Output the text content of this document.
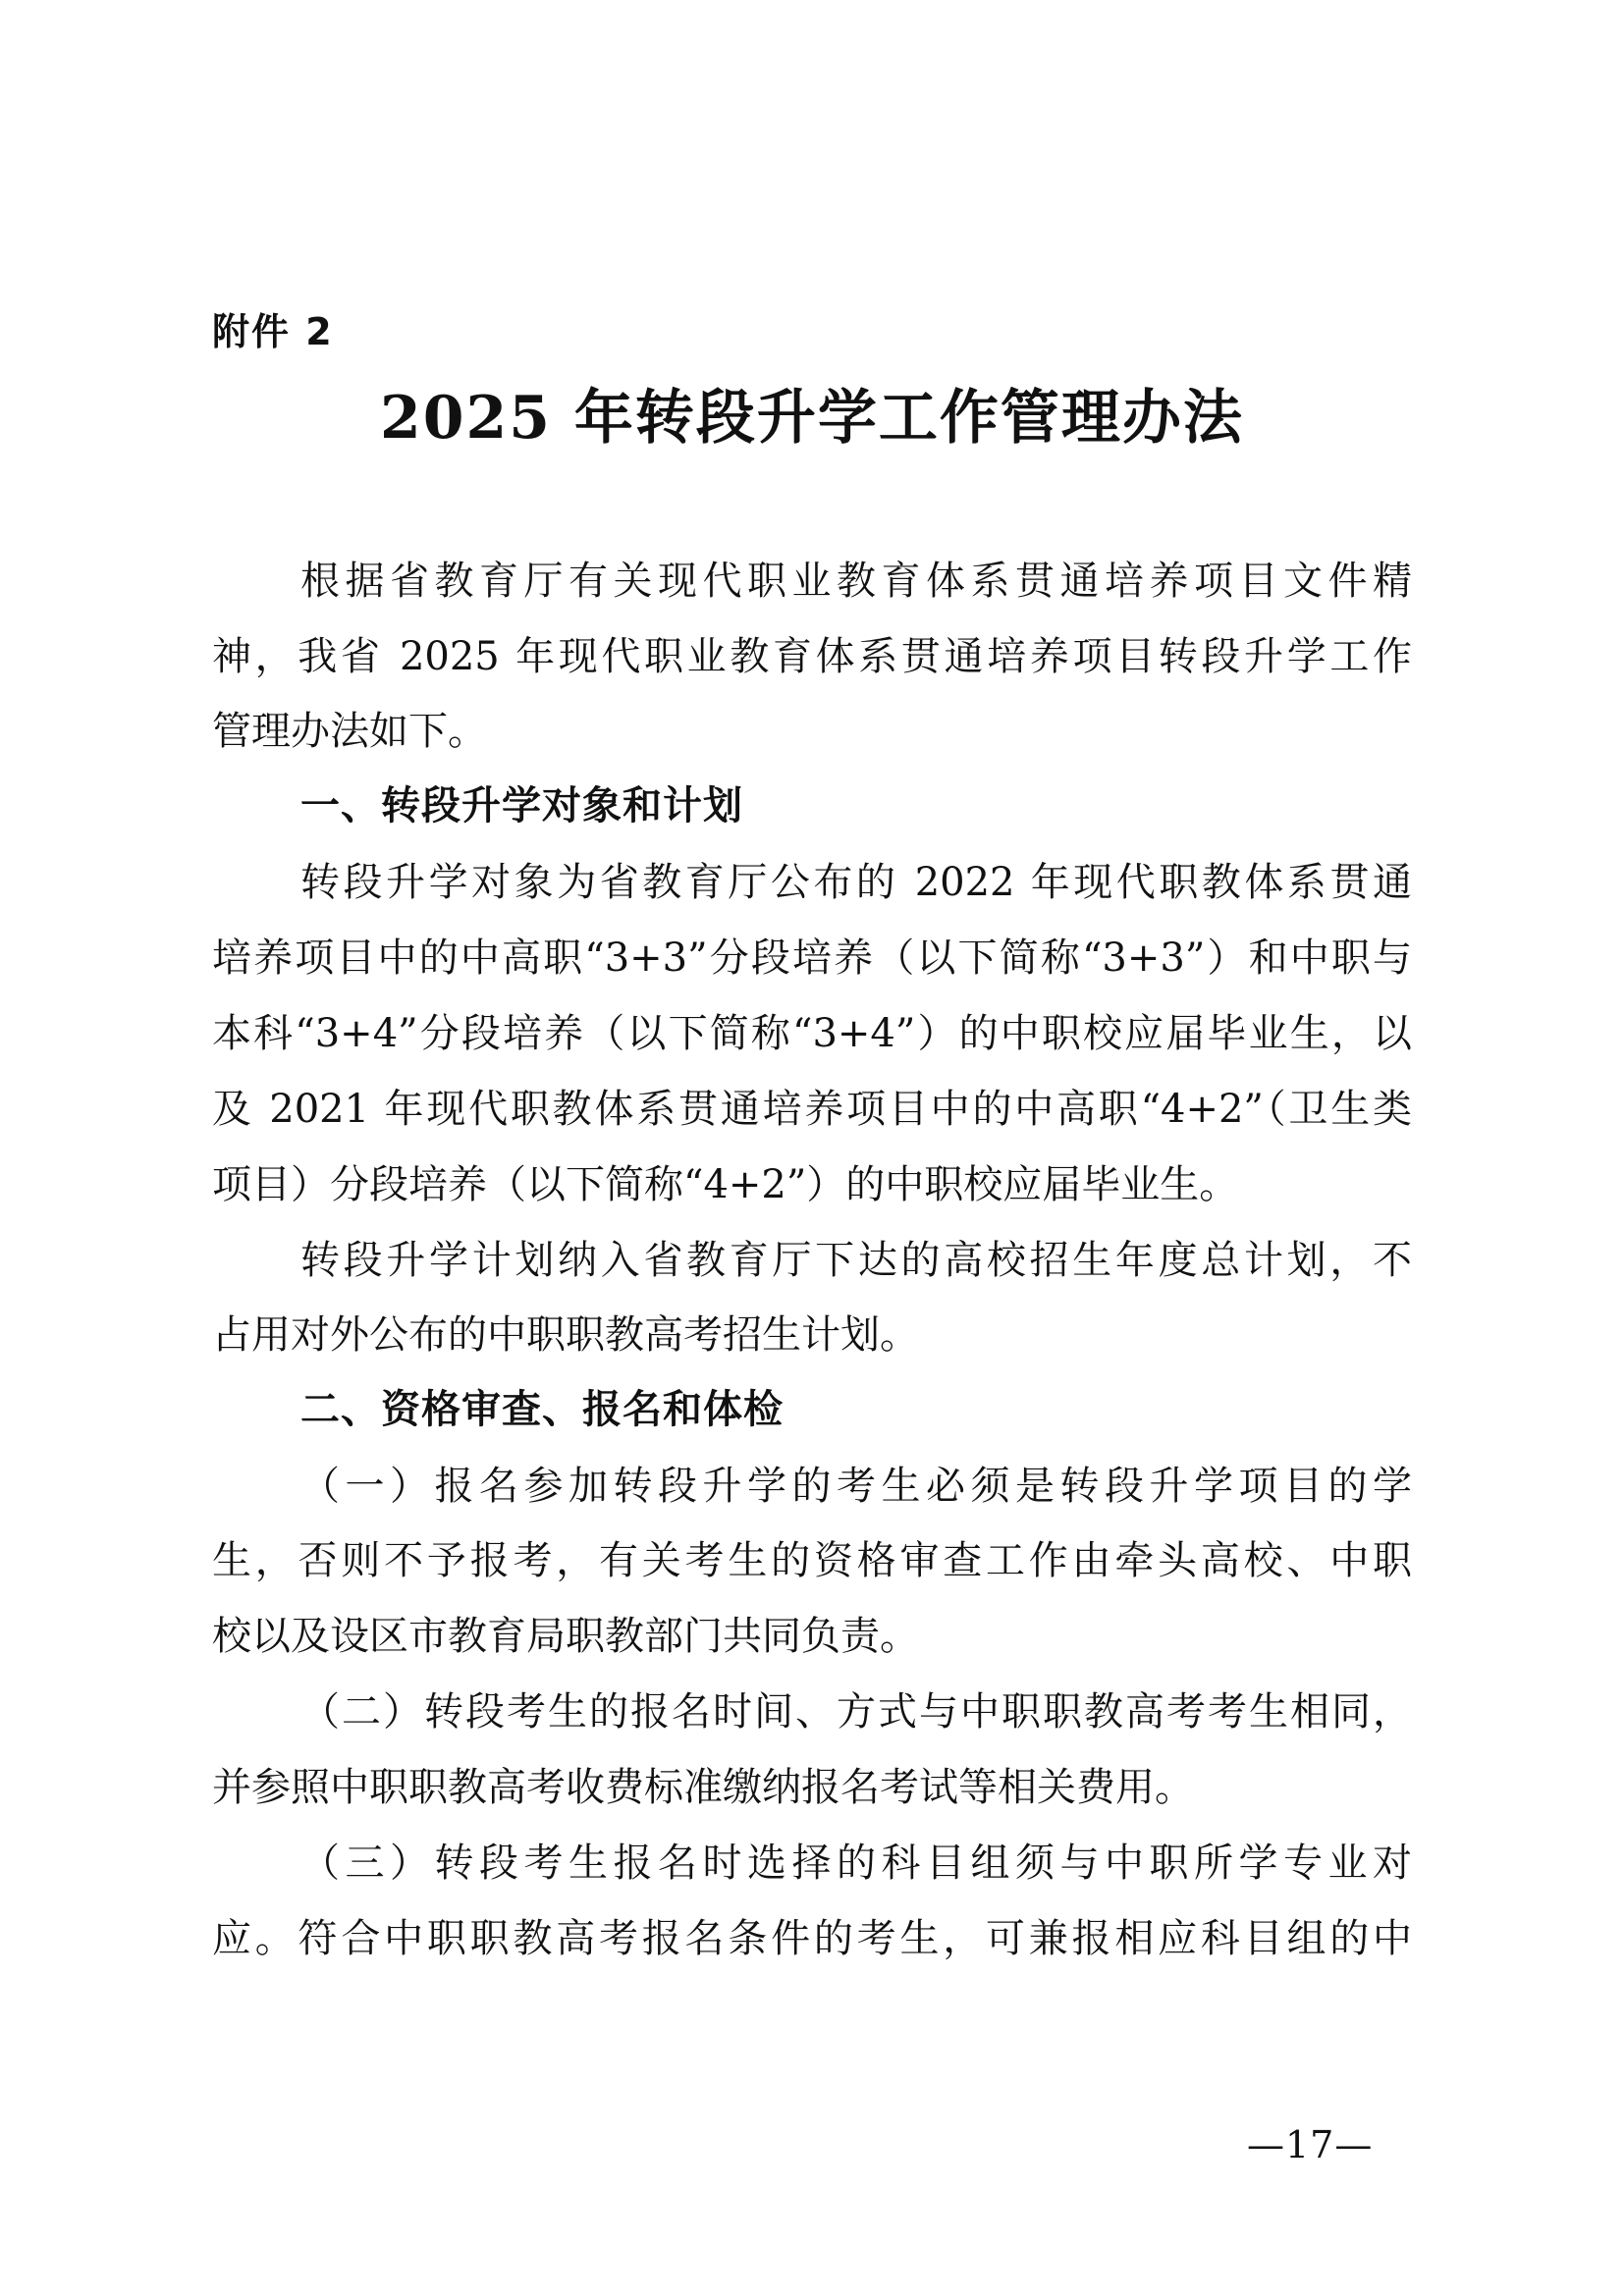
附件 2
2025 年转段升学工作管理办法
根据省教育厅有关现代职业教育体系贯通培养项目文件精
神，我省 2025 年现代职业教育体系贯通培养项目转段升学工作
管理办法如下。
一、转段升学对象和计划
转段升学对象为省教育厅公布的 2022 年现代职教体系贯通
培养项目中的中高职“3+3”分段培养（以下简称“3+3”）和中职与
本科“3+4”分段培养（以下简称“3+4”）的中职校应届毕业生，以
及 2021 年现代职教体系贯通培养项目中的中高职“4+2”（卫生类
项目）分段培养（以下简称“4+2”）的中职校应届毕业生。
转段升学计划纳入省教育厅下达的高校招生年度总计划，不
占用对外公布的中职职教高考招生计划。
二、资格审查、报名和体检
（一）报名参加转段升学的考生必须是转段升学项目的学
生，否则不予报考，有关考生的资格审查工作由牵头高校、中职
校以及设区市教育局职教部门共同负责。
（二）转段考生的报名时间、方式与中职职教高考考生相同，
并参照中职职教高考收费标准缴纳报名考试等相关费用。
（三）转段考生报名时选择的科目组须与中职所学专业对
应。符合中职职教高考报名条件的考生，可兼报相应科目组的中
—17—
